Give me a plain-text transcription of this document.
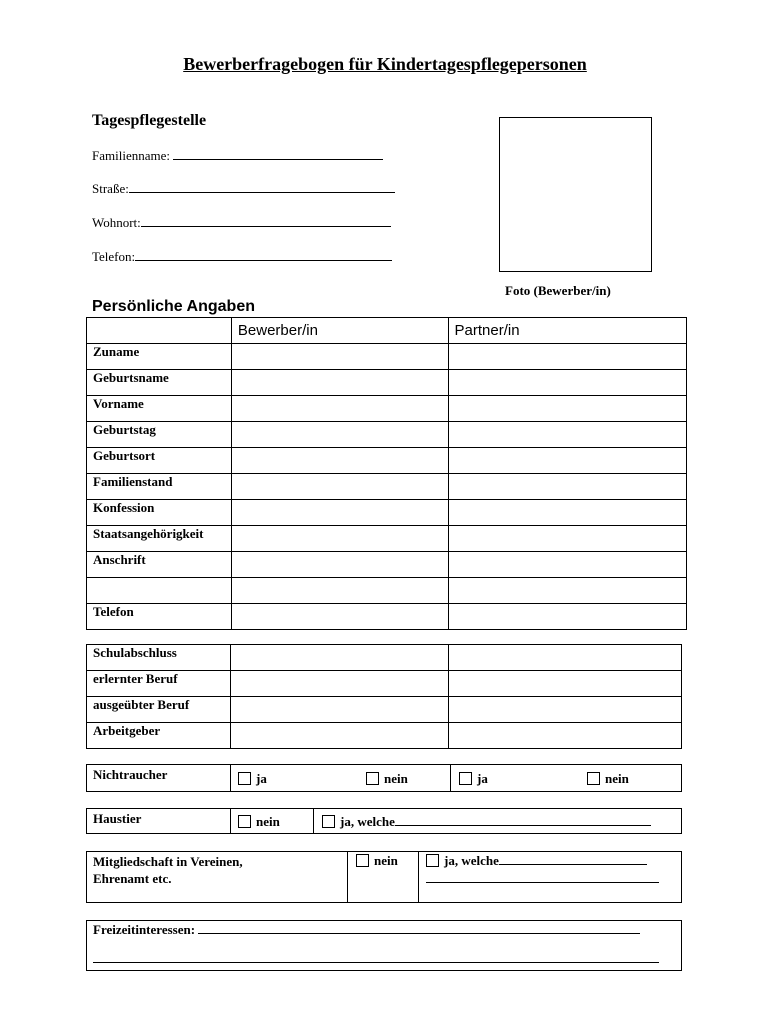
Bewerberfragebogen für Kindertagespflegepersonen
Tagespflegestelle
Familienname:
Straße:
Wohnort:
Telefon:
Foto (Bewerber/in)
Persönliche Angaben
	Bewerber/in	Partner/in
Zuname		
Geburtsname		
Vorname		
Geburtstag		
Geburtsort		
Familienstand		
Konfession		
Staatsangehörigkeit		
Anschrift		

Telefon		
Schulabschluss		
erlernter Beruf		
ausgeübter Beruf		
Arbeitgeber		
Nichtraucher	ja	nein	ja	nein
Haustier	nein	ja, welche
Mitgliedschaft in Vereinen,
Ehrenamt etc.
nein	ja, welche
Freizeitinteressen:
